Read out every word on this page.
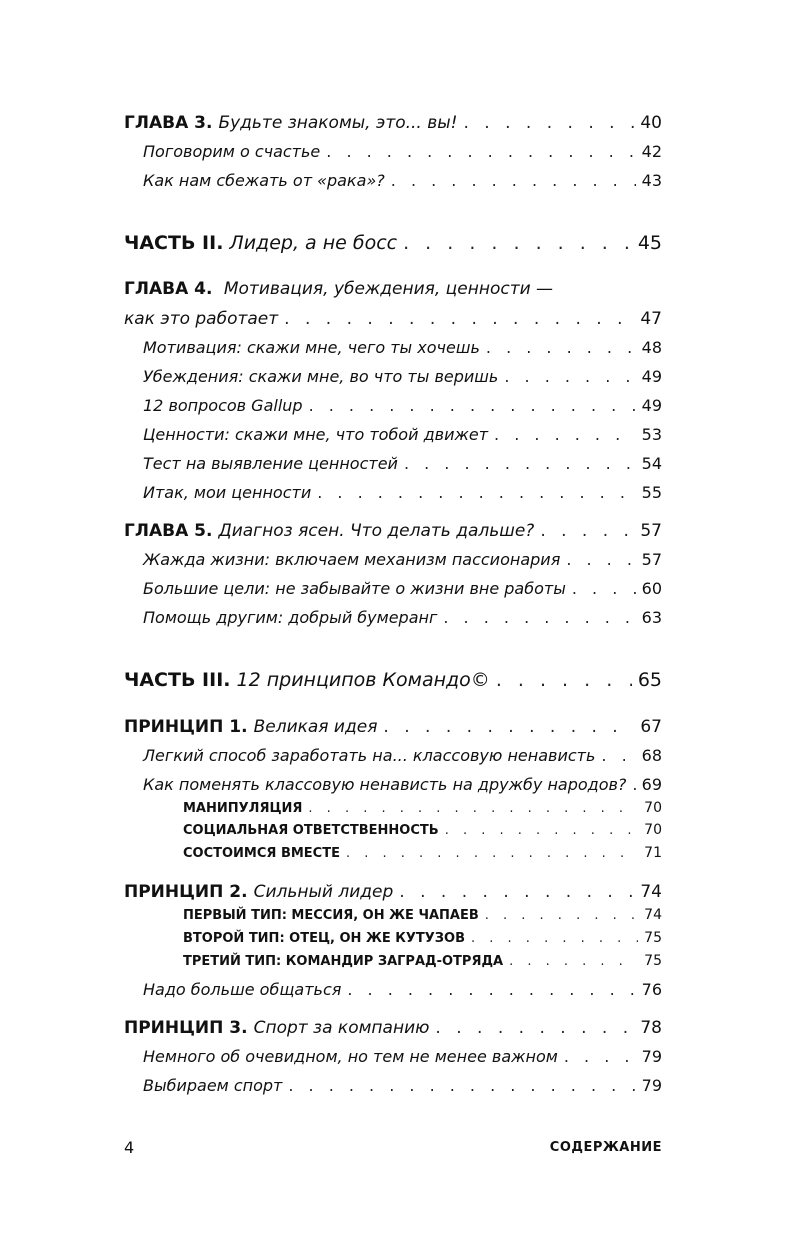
ГЛАВА 3. Будьте знакомы, это... вы! . . .	40
Поговорим о счастье . . .	42
Как нам сбежать от «рака»? . . .	43
ЧАСТЬ II. Лидер, а не босс . . .	45
ГЛАВА 4. Мотивация, убеждения, ценности —
как это работает . . .	47
Мотивация: скажи мне, чего ты хочешь . . .	48
Убеждения: скажи мне, во что ты веришь . . .	49
12 вопросов Gallup . . .	49
Ценности: скажи мне, что тобой движет . . .	53
Тест на выявление ценностей . . .	54
Итак, мои ценности . . .	55
ГЛАВА 5. Диагноз ясен. Что делать дальше? . . .	57
Жажда жизни: включаем механизм пассионария . . .	57
Большие цели: не забывайте о жизни вне работы . . .	60
Помощь другим: добрый бумеранг . . .	63
ЧАСТЬ III. 12 принципов Командо© . . .	65
ПРИНЦИП 1. Великая идея . . .	67
Легкий способ заработать на... классовую ненависть . . .	68
Как поменять классовую ненависть на дружбу народов? . . . 69
МАНИПУЛЯЦИЯ . . .	70
СОЦИАЛЬНАЯ ОТВЕТСТВЕННОСТЬ . . .	70
СОСТОИМСЯ ВМЕСТЕ . . .	71
ПРИНЦИП 2. Сильный лидер . . .	74
ПЕРВЫЙ ТИП: МЕССИЯ, ОН ЖЕ ЧАПАЕВ . . .	74
ВТОРОЙ ТИП: ОТЕЦ, ОН ЖЕ КУТУЗОВ . . .	75
ТРЕТИЙ ТИП: КОМАНДИР ЗАГРАД-ОТРЯДА . . .	75
Надо больше общаться . . .	76
ПРИНЦИП 3. Спорт за компанию . . .	78
Немного об очевидном, но тем не менее важном . . .	79
Выбираем спорт . . .	79
4	СОДЕРЖАНИЕ
